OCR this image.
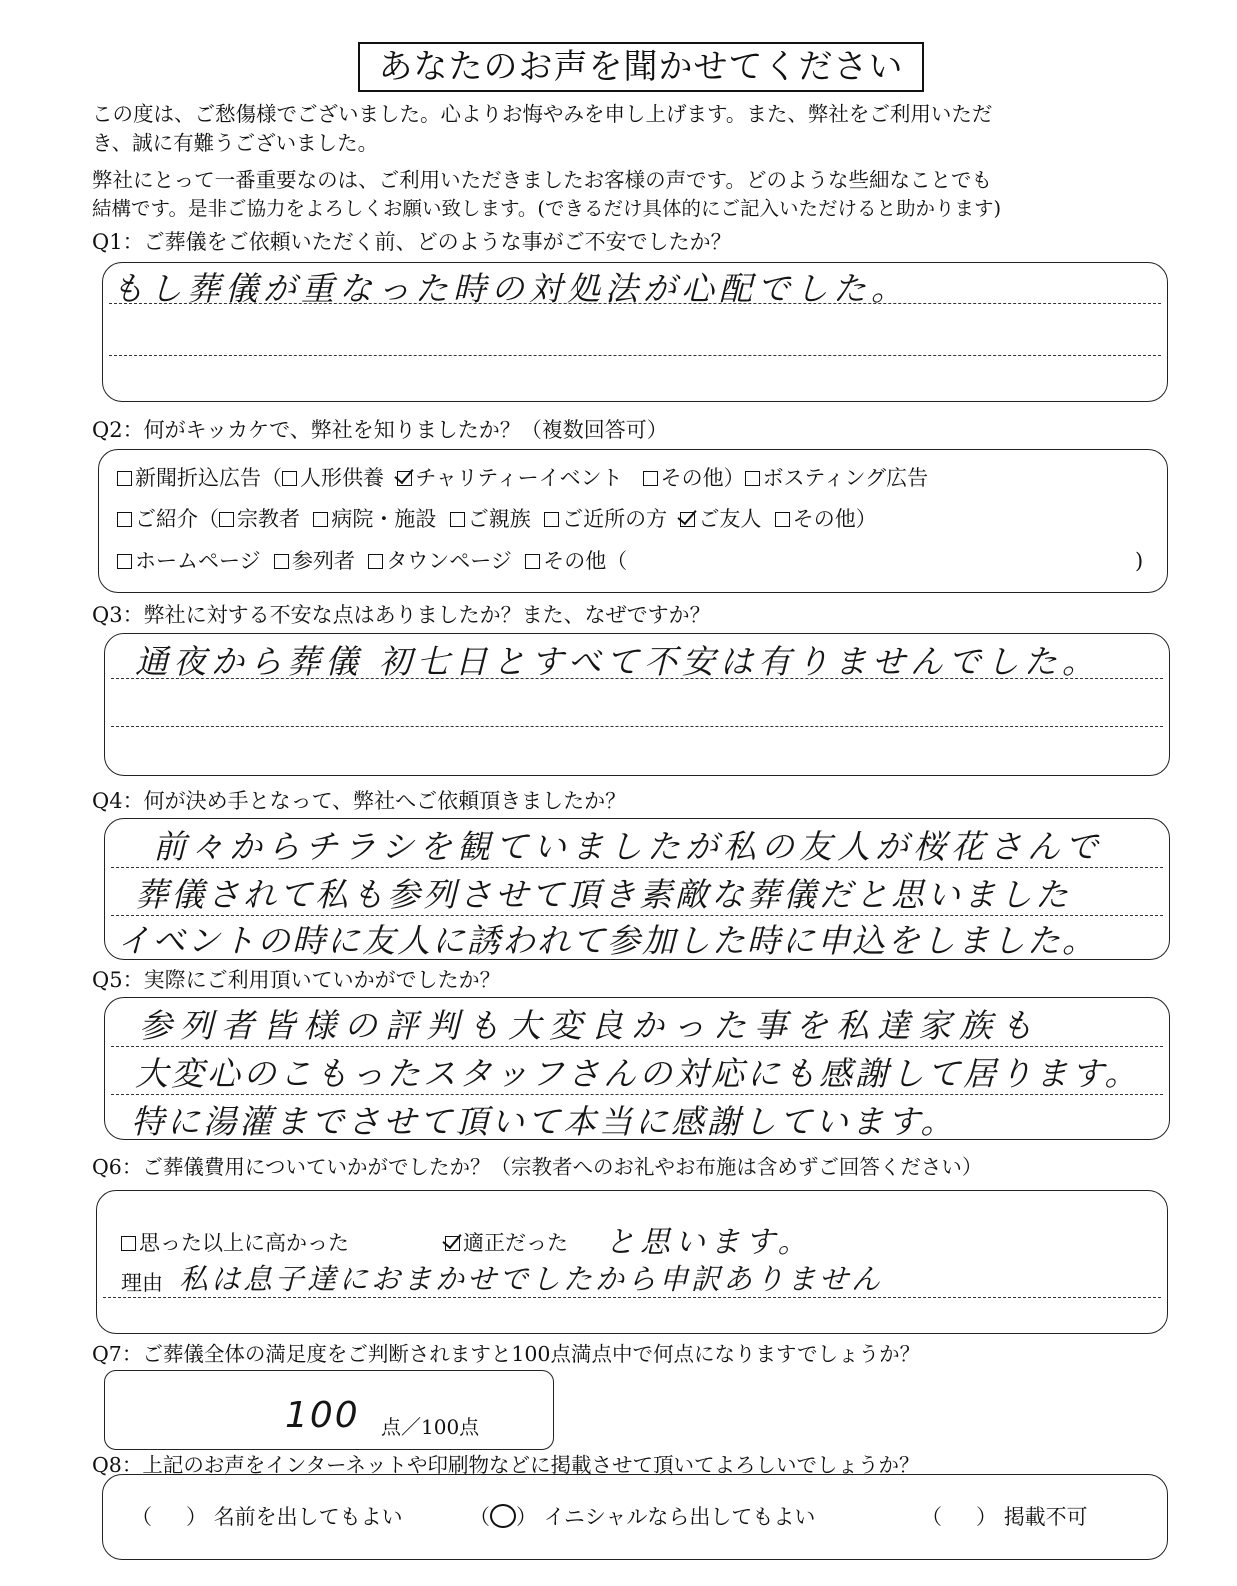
あなたのお声を聞かせてください
この度は、ご愁傷様でございました。心よりお悔やみを申し上げます。また、弊社をご利用いただ
き、誠に有難うございました。
弊社にとって一番重要なのは、ご利用いただきましたお客様の声です。どのような些細なことでも
結構です。是非ご協力をよろしくお願い致します。(できるだけ具体的にご記入いただけると助かります)
Q1：ご葬儀をご依頼いただく前、どのような事がご不安でしたか？
もし葬儀が重なった時の対処法が心配でした。
Q2：何がキッカケで、弊社を知りましたか？（複数回答可）
新聞折込広告（ 人形供養 チャリティーイベント その他） ボスティング広告
ご紹介（ 宗教者 病院・施設 ご親族 ご近所の方 ご友人 その他）
ホームページ 参列者 タウンページ その他（	)
Q3：弊社に対する不安な点はありましたか？また、なぜですか？
通夜から葬儀 初七日とすべて不安は有りませんでした。
Q4：何が決め手となって、弊社へご依頼頂きましたか？
前々からチラシを観ていましたが私の友人が桜花さんで
葬儀されて私も参列させて頂き素敵な葬儀だと思いました
イベントの時に友人に誘われて参加した時に申込をしました。
Q5：実際にご利用頂いていかがでしたか？
参列者皆様の評判も大変良かった事を私達家族も
大変心のこもったスタッフさんの対応にも感謝して居ります。
特に湯灌までさせて頂いて本当に感謝しています。
Q6：ご葬儀費用についていかがでしたか？（宗教者へのお礼やお布施は含めずご回答ください）
思った以上に高かった	適正だった と思います。
理由 私は息子達におまかせでしたから申訳ありません
Q7：ご葬儀全体の満足度をご判断されますと100点満点中で何点になりますでしょうか？
100 点／100点
Q8：上記のお声をインターネットや印刷物などに掲載させて頂いてよろしいでしょうか？
（ ） 名前を出してもよい	（○） イニシャルなら出してもよい	（ ） 掲載不可
